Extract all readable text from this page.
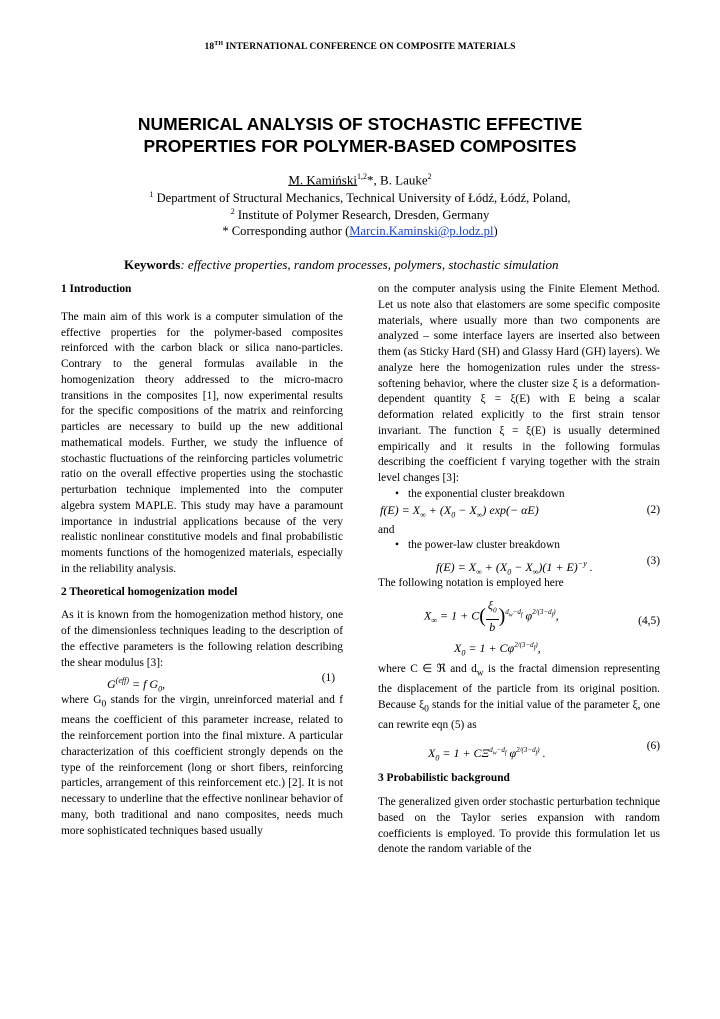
18TH INTERNATIONAL CONFERENCE ON COMPOSITE MATERIALS
NUMERICAL ANALYSIS OF STOCHASTIC EFFECTIVE
PROPERTIES FOR POLYMER-BASED COMPOSITES
M. Kamiński$^{1,2}$*, B. Lauke$^2$
$^1$ Department of Structural Mechanics, Technical University of Łódź, Łódź, Poland,
$^2$ Institute of Polymer Research, Dresden, Germany
* Corresponding author (Marcin.Kaminski@p.lodz.pl)
Keywords: effective properties, random processes, polymers, stochastic simulation
1 Introduction

The main aim of this work is a computer simulation of the effective properties for the polymer-based composites reinforced with the carbon black or silica nano-particles. Contrary to the general formulas available in the homogenization theory addressed to the micro-macro transitions in the composites [1], now experimental results for the specific compositions of the matrix and reinforcing particles are necessary to build up the new additional mathematical models. Further, we study the influence of stochastic fluctuations of the reinforcing particles volumetric ratio on the overall effective properties using the stochastic perturbation technique implemented into the computer algebra system MAPLE. This study may have a paramount importance in industrial applications because of the very realistic nonlinear constitutive models and final probabilistic moments functions of the homogenized materials, especially in the reliability analysis.

2 Theoretical homogenization model

As it is known from the homogenization method history, one of the dimensionless techniques leading to the description of the effective parameters is the following relation describing the shear modulus [3]:

$G^{(eff)} = f$ $G_0$,	(1)

where $G_0$ stands for the virgin, unreinforced material and f means the coefficient of this parameter increase, related to the reinforcement portion into the final mixture. A particular characterization of this coefficient strongly depends on the type of the reinforcement (long or short fibers, reinforcing particles, arrangement of this reinforcement etc.) [2]. It is not necessary to underline that the effective nonlinear behavior of many, both traditional and nano composites, needs much more sophisticated techniques based usually

on the computer analysis using the Finite Element Method. Let us note also that elastomers are some specific composite materials, where usually more than two components are analyzed – some interface layers are inserted also between them (as Sticky Hard (SH) and Glassy Hard (GH) layers). We analyze here the homogenization rules under the stress-softening behavior, where the cluster size ξ is a deformation-dependent quantity ξ = ξ(E) with E being a scalar deformation related explicitly to the first strain tensor invariant. The function ξ = ξ(E) is usually determined empirically and it results in the following formulas describing the coefficient f varying together with the strain level changes [3]:

• the exponential cluster breakdown
$f(E) = X_\infty + (X_0 - X_\infty)$ exp(− αE)	(2)
and
• the power-law cluster breakdown
$f(E) = X_\infty + (X_0 - X_\infty)(1 + E)^{-y}$ .	(3)
The following notation is employed here
$X_\infty = 1 + C( \frac{\xi_0}{b} )^{d_w-d_f}$ $\varphi^{2/(3-d_f)}$,	(4,5)
$X_0 = 1 + C\varphi^{2/(3-d_f)}$,

where C ∈ ℜ and $d_w$ is the fractal dimension representing the displacement of the particle from its original position. Because $\xi_0$ stands for the initial value of the parameter ξ, one can rewrite eqn (5) as

$X_0 = 1 + C\Xi^{d_w-d_f}$ $\varphi^{2/(3-d_f)}$ .	(6)
3 Probabilistic background

The generalized given order stochastic perturbation technique based on the Taylor series expansion with random coefficients is employed. To provide this formulation let us denote the random variable of the
